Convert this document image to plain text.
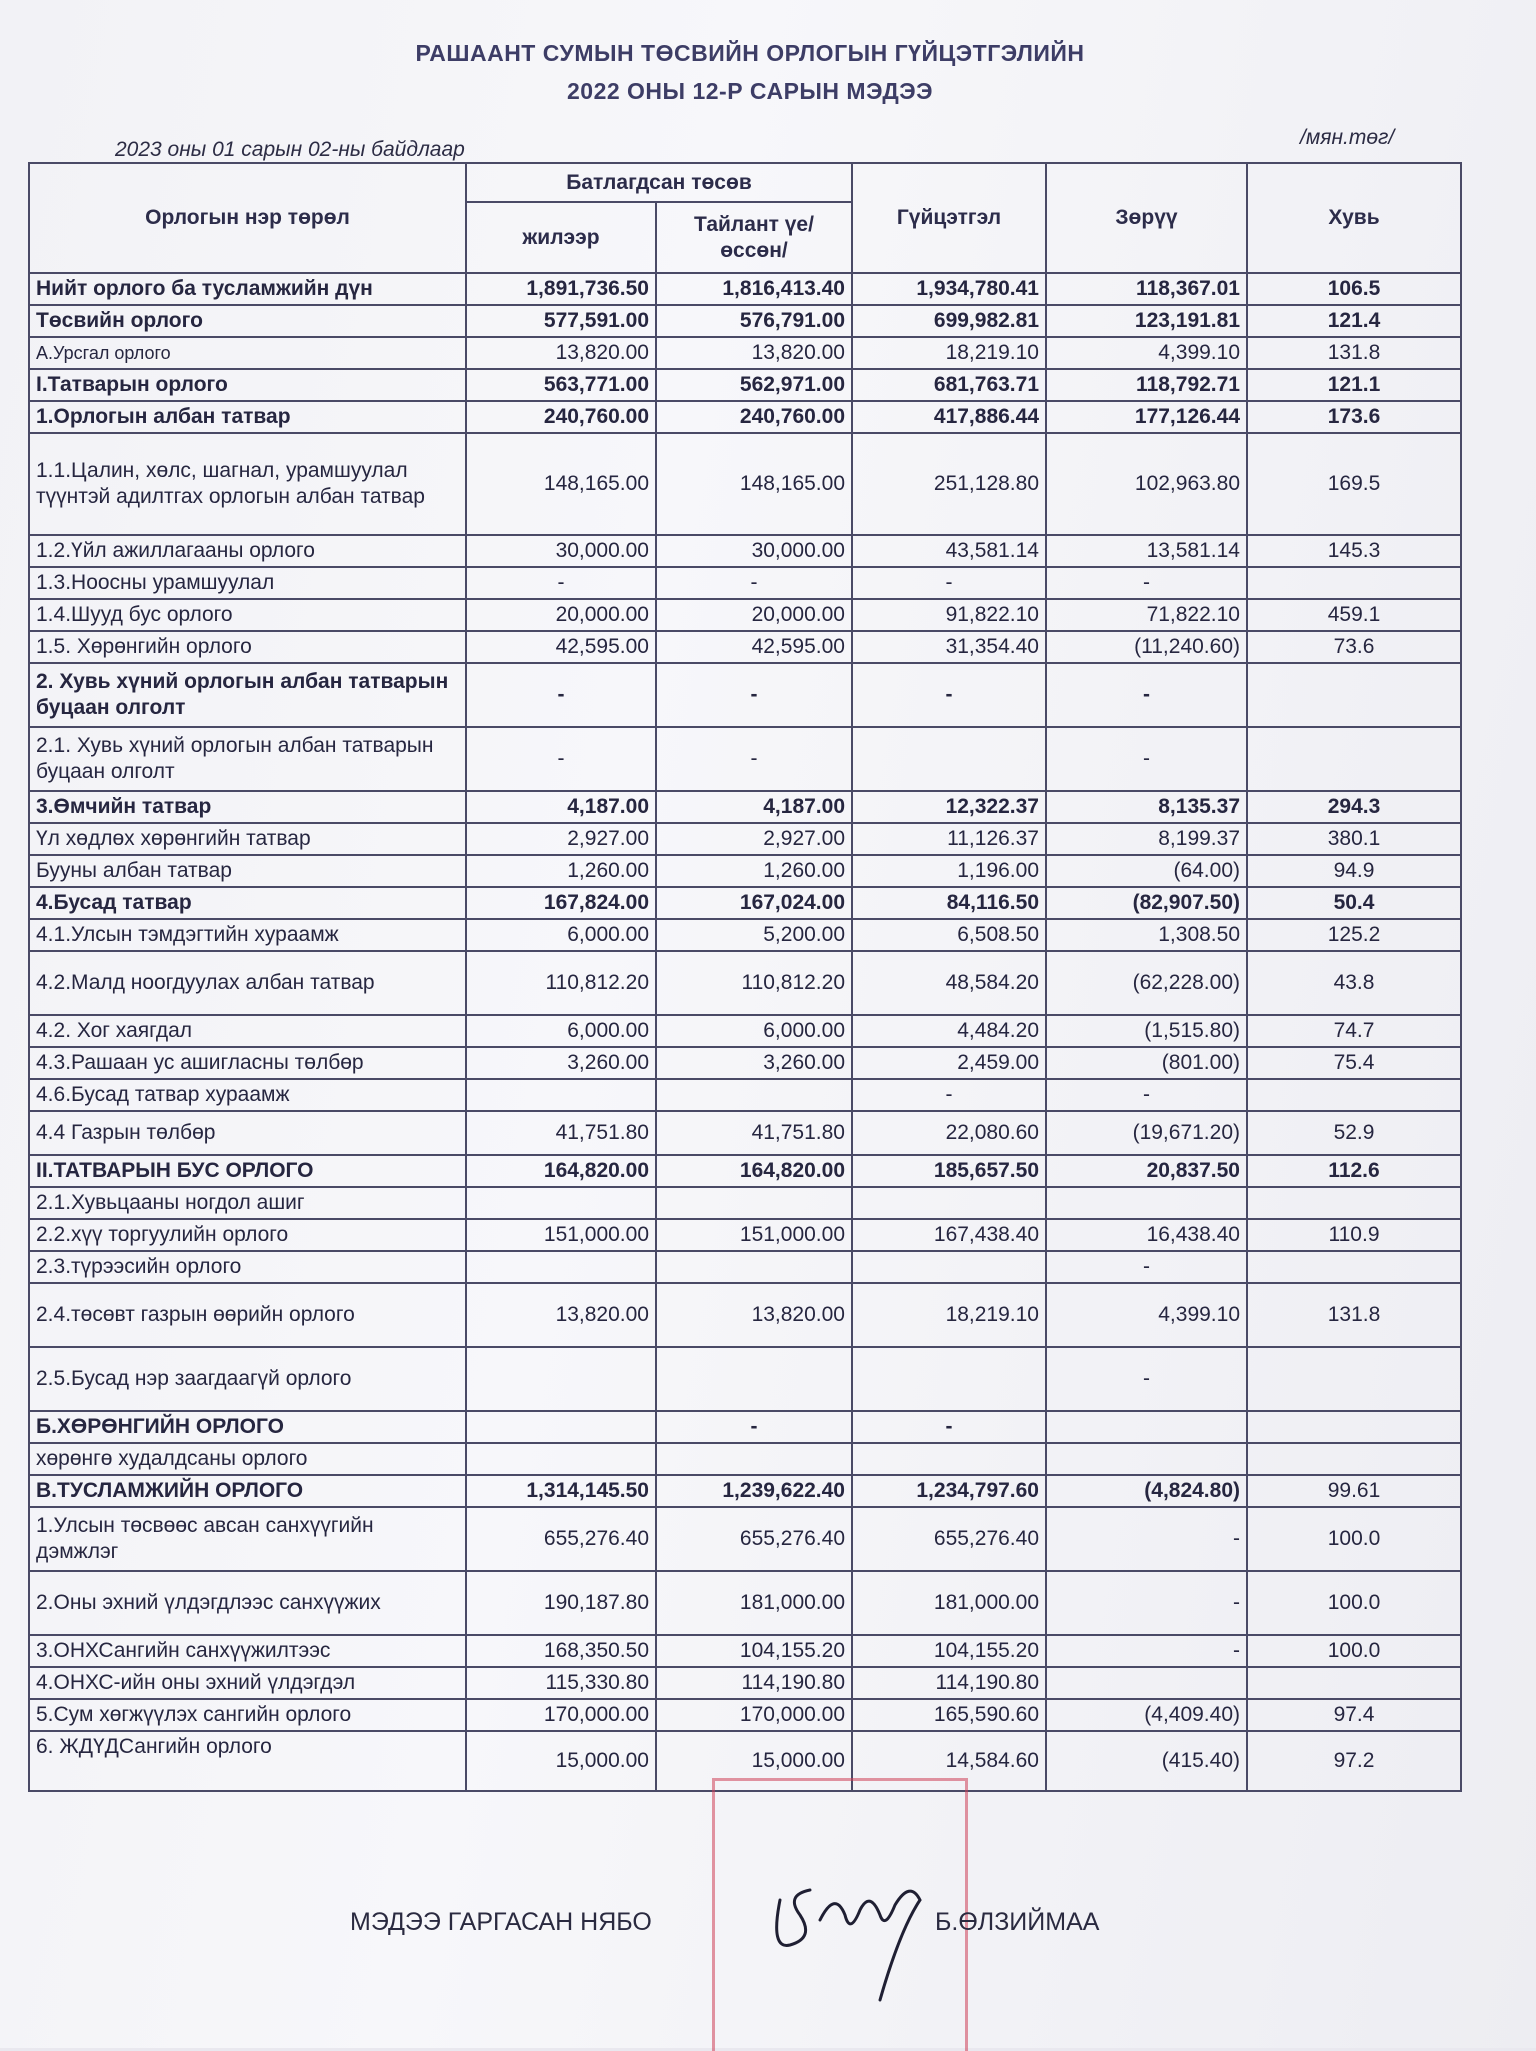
РАШААНТ СУМЫН ТӨСВИЙН ОРЛОГЫН ГҮЙЦЭТГЭЛИЙН
2022 ОНЫ 12-Р САРЫН МЭДЭЭ
2023 оны 01 сарын 02-ны байдлаар
/мян.төг/
Орлогын нэр төрөл	Батлагдсан төсөв		Гүйцэтгэл	Зөрүү	Хувь
	жилээр	Тайлант үе/өссөн/			
Нийт орлого ба тусламжийн дүн	1,891,736.50	1,816,413.40	1,934,780.41	118,367.01	106.5
Төсвийн орлого	577,591.00	576,791.00	699,982.81	123,191.81	121.4
А.Урсгал орлого	13,820.00	13,820.00	18,219.10	4,399.10	131.8
I.Татварын орлого	563,771.00	562,971.00	681,763.71	118,792.71	121.1
1.Орлогын албан татвар	240,760.00	240,760.00	417,886.44	177,126.44	173.6
1.1.Цалин, хөлс, шагнал, урамшуулал түүнтэй адилтгах орлогын албан татвар	148,165.00	148,165.00	251,128.80	102,963.80	169.5
1.2.Үйл ажиллагааны орлого	30,000.00	30,000.00	43,581.14	13,581.14	145.3
1.3.Ноосны урамшуулал	-	-	-	-	
1.4.Шууд бус орлого	20,000.00	20,000.00	91,822.10	71,822.10	459.1
1.5. Хөрөнгийн орлого	42,595.00	42,595.00	31,354.40	(11,240.60)	73.6
2. Хувь хүний орлогын албан татварын буцаан олголт	-	-	-	-	
2.1. Хувь хүний орлогын албан татварын буцаан олголт	-	-		-	
3.Өмчийн татвар	4,187.00	4,187.00	12,322.37	8,135.37	294.3
Үл хөдлөх хөрөнгийн татвар	2,927.00	2,927.00	11,126.37	8,199.37	380.1
Бууны албан татвар	1,260.00	1,260.00	1,196.00	(64.00)	94.9
4.Бусад татвар	167,824.00	167,024.00	84,116.50	(82,907.50)	50.4
4.1.Улсын тэмдэгтийн хураамж	6,000.00	5,200.00	6,508.50	1,308.50	125.2
4.2.Малд ноогдуулах албан татвар	110,812.20	110,812.20	48,584.20	(62,228.00)	43.8
4.2. Хог хаягдал	6,000.00	6,000.00	4,484.20	(1,515.80)	74.7
4.3.Рашаан ус ашигласны төлбөр	3,260.00	3,260.00	2,459.00	(801.00)	75.4
4.6.Бусад татвар хураамж			-	-	
4.4 Газрын төлбөр	41,751.80	41,751.80	22,080.60	(19,671.20)	52.9
II.ТАТВАРЫН БУС ОРЛОГО	164,820.00	164,820.00	185,657.50	20,837.50	112.6
2.1.Хувьцааны ногдол ашиг					
2.2.хүү торгуулийн орлого	151,000.00	151,000.00	167,438.40	16,438.40	110.9
2.3.түрээсийн орлого				-	
2.4.төсөвт газрын өөрийн орлого	13,820.00	13,820.00	18,219.10	4,399.10	131.8
2.5.Бусад нэр заагдаагүй орлого				-	
Б.ХӨРӨНГИЙН ОРЛОГО		-	-		
хөрөнгө худалдсаны орлого					
В.ТУСЛАМЖИЙН ОРЛОГО	1,314,145.50	1,239,622.40	1,234,797.60	(4,824.80)	99.61
1.Улсын төсвөөс авсан санхүүгийн дэмжлэг	655,276.40	655,276.40	655,276.40	-	100.0
2.Оны эхний үлдэгдлээс санхүүжих	190,187.80	181,000.00	181,000.00	-	100.0
3.ОНХСангийн санхүүжилтээс	168,350.50	104,155.20	104,155.20	-	100.0
4.ОНХС-ийн оны эхний үлдэгдэл	115,330.80	114,190.80	114,190.80		
5.Сум хөгжүүлэх сангийн орлого	170,000.00	170,000.00	165,590.60	(4,409.40)	97.4
6. ЖДҮДСангийн орлого	15,000.00	15,000.00	14,584.60	(415.40)	97.2
МЭДЭЭ ГАРГАСАН НЯБО	Б.ӨЛЗИЙМАА
